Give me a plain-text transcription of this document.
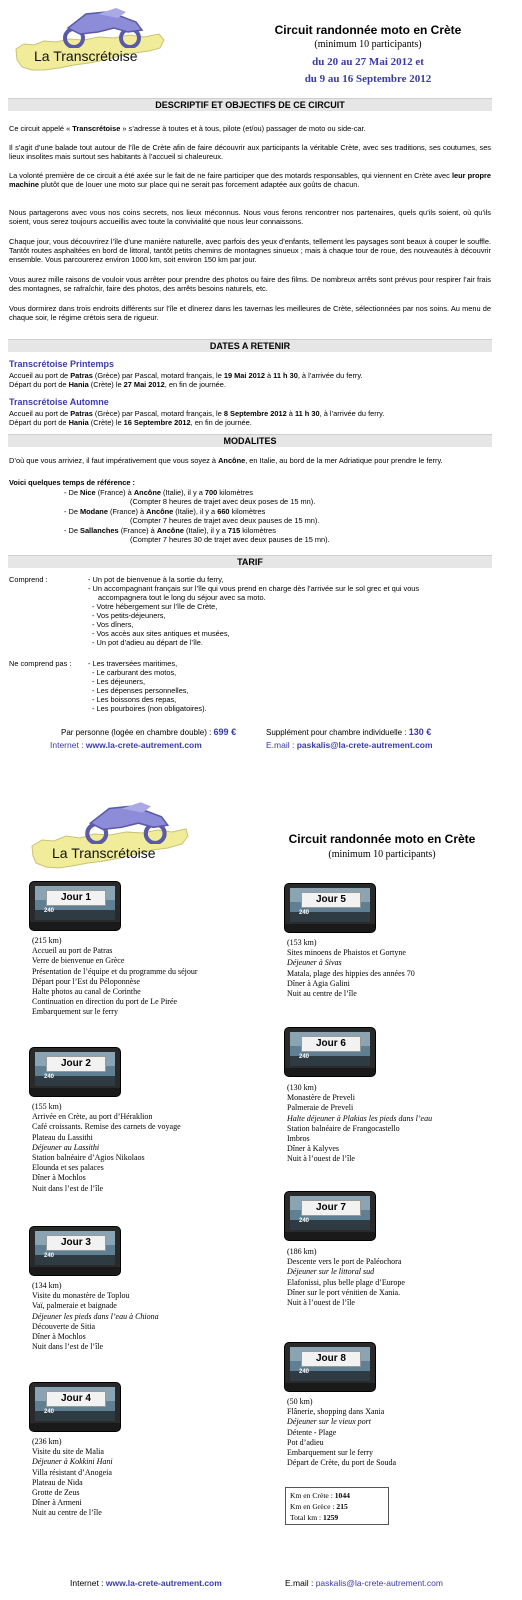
La Transcrétoise
Circuit randonnée moto en Crète
(minimum 10 participants)
du 20 au 27 Mai 2012 et
du 9 au 16 Septembre 2012
DESCRIPTIF ET OBJECTIFS DE CE CIRCUIT
Ce circuit appelé « Transcrétoise » s’adresse à toutes et à tous, pilote (et/ou) passager de moto ou side-car.
Il s’agit d’une balade tout autour de l’île de Crète afin de faire découvrir aux participants la véritable Crète, avec ses traditions, ses coutumes, ses lieux insolites mais surtout ses habitants à l’accueil si chaleureux.
La volonté première de ce circuit a été axée sur le fait de ne faire participer que des motards responsables, qui viennent en Crète avec leur propre machine plutôt que de louer une moto sur place qui ne serait pas forcement adaptée aux goûts de chacun.
Nous partagerons avec vous nos coins secrets, nos lieux méconnus. Nous vous ferons rencontrer nos partenaires, quels qu’ils soient, où qu’ils soient, vous serez toujours accueillis avec toute la convivialité que nous leur connaissons.
Chaque jour, vous découvrirez l’île d’une manière naturelle, avec parfois des yeux d’enfants, tellement les paysages sont beaux à couper le souffle. Tantôt routes asphaltées en bord de littoral, tantôt petits chemins de montagnes sinueux ; mais à chaque tour de roue, des nouveautés à découvrir ensemble. Vous parcourerez environ 1000 km, soit environ 150 km par jour.
Vous aurez mille raisons de vouloir vous arrêter pour prendre des photos ou faire des films. De nombreux arrêts sont prévus pour respirer l’air frais des montagnes, se rafraîchir, faire des photos, des arrêts besoins naturels, etc.
Vous dormirez dans trois endroits différents sur l’île et dînerez dans les tavernas les meilleures de Crète, sélectionnées par nos soins. Au menu de chaque soir, le régime crétois sera de rigueur.
DATES A RETENIR
Transcrétoise Printemps
Accueil au port de Patras (Grèce) par Pascal, motard français, le 19 Mai 2012 à 11 h 30, à l’arrivée du ferry.
Départ du port de Hania (Crète) le 27 Mai 2012, en fin de journée.
Transcrétoise Automne
Accueil au port de Patras (Grèce) par Pascal, motard français, le 8 Septembre 2012 à 11 h 30, à l’arrivée du ferry.
Départ du port de Hania (Crète) le 16 Septembre 2012, en fin de journée.
MODALITES
D’où que vous arriviez, il faut impérativement que vous soyez à Ancône, en Italie, au bord de la mer Adriatique pour prendre le ferry.
Voici quelques temps de référence :
- De Nice (France) à Ancône (Italie), il y a 700 kilomètres
(Compter 8 heures de trajet avec deux poses de 15 mn).
- De Modane (France) à Ancône (Italie), il y a 660 kilomètres
(Compter 7 heures de trajet avec deux pauses de 15 mn).
- De Sallanches (France) à Ancône (Italie), il y a 715 kilomètres
(Compter 7 heures 30 de trajet avec deux pauses de 15 mn).
TARIF
Comprend :	- Un pot de bienvenue à la sortie du ferry,
- Un accompagnant français sur l’île qui vous prend en charge dès l’arrivée sur le sol grec et qui vous
accompagnera tout le long du séjour avec sa moto.
- Votre hébergement sur l’île de Crète,
- Vos petits-déjeuners,
- Vos dîners,
- Vos accès aux sites antiques et musées,
- Un pot d’adieu au départ de l’île.
Ne comprend pas : - Les traversées maritimes,
- Le carburant des motos,
- Les déjeuners,
- Les dépenses personnelles,
- Les boissons des repas,
- Les pourboires (non obligatoires).
Par personne (logée en chambre double) : 699 €	Supplément pour chambre individuelle : 130 €
Internet : www.la-crete-autrement.com	E.mail : paskalis@la-crete-autrement.com
La Transcrétoise
Circuit randonnée moto en Crète
(minimum 10 participants)
Jour 1
240
(215 km)
Accueil au port de Patras
Verre de bienvenue en Grèce
Présentation de l’équipe et du programme du séjour
Départ pour l’Est du Péloponnèse
Halte photos au canal de Corinthe
Continuation en direction du port de Le Pirée
Embarquement sur le ferry
Jour 2
240
(155 km)
Arrivée en Crète, au port d’Héraklion
Café croissants. Remise des carnets de voyage
Plateau du Lassithi
Déjeuner au Lassithi
Station balnéaire d’Agios Nikolaos
Elounda et ses palaces
Dîner à Mochlos
Nuit dans l’est de l’île
Jour 3
240
(134 km)
Visite du monastère de Toplou
Vaï, palmeraie et baignade
Déjeuner les pieds dans l’eau à Chiona
Découverte de Sitia
Dîner à Mochlos
Nuit dans l’est de l’île
Jour 4
240
(236 km)
Visite du site de Malia
Déjeuner à Kokkini Hani
Villa résistant d’Anogeia
Plateau de Nida
Grotte de Zeus
Dîner à Armeni
Nuit au centre de l’île
Jour 5
240
(153 km)
Sites minoens de Phaistos et Gortyne
Déjeuner à Sivas
Matala, plage des hippies des années 70
Dîner à Agia Galini
Nuit au centre de l’île
Jour 6
240
(130 km)
Monastère de Preveli
Palmeraie de Preveli
Halte déjeuner à Plakias les pieds dans l’eau
Station balnéaire de Frangocastello
Imbros
Dîner à Kalyves
Nuit à l’ouest de l’île
Jour 7
240
(186 km)
Descente vers le port de Paléochora
Déjeuner sur le littoral sud
Elafonissi, plus belle plage d’Europe
Dîner sur le port vénitien de Xania.
Nuit à l’ouest de l’île
Jour 8
240
(50 km)
Flânerie, shopping dans Xania
Déjeuner sur le vieux port
Détente - Plage
Pot d’adieu
Embarquement sur le ferry
Départ de Crète, du port de Souda
Km en Crète : 1044
Km en Grèce : 215
Total km : 1259
Internet : www.la-crete-autrement.com	E.mail : paskalis@la-crete-autrement.com
